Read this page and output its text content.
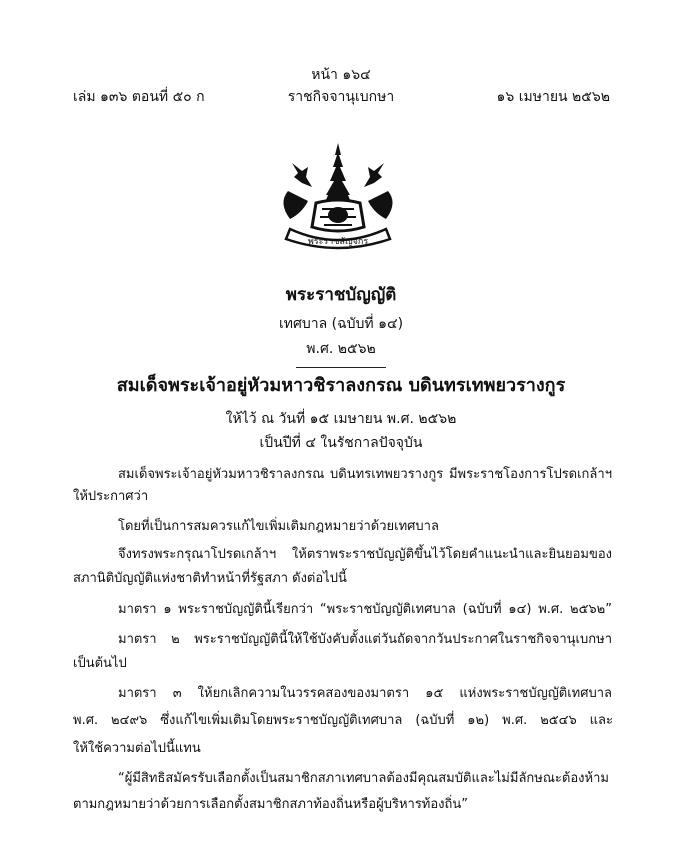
หน้า ๑๖๔
เล่ม ๑๓๖ ตอนที่ ๕๐ ก	ราชกิจจานุเบกษา	๑๖ เมษายน ๒๕๖๒
พระราชลัญจกร
พระราชบัญญัติ
เทศบาล (ฉบับที่ ๑๔)
พ.ศ. ๒๕๖๒
สมเด็จพระเจ้าอยู่หัวมหาวชิราลงกรณ บดินทรเทพยวรางกูร
ให้ไว้ ณ วันที่ ๑๕ เมษายน พ.ศ. ๒๕๖๒
เป็นปีที่ ๔ ในรัชกาลปัจจุบัน
สมเด็จพระเจ้าอยู่หัวมหาวชิราลงกรณ บดินทรเทพยวรางกูร มีพระราชโองการโปรดเกล้าฯ
ให้ประกาศว่า
โดยที่เป็นการสมควรแก้ไขเพิ่มเติมกฎหมายว่าด้วยเทศบาล
จึงทรงพระกรุณาโปรดเกล้าฯ ให้ตราพระราชบัญญัติขึ้นไว้โดยคำแนะนำและยินยอมของ
สภานิติบัญญัติแห่งชาติทำหน้าที่รัฐสภา ดังต่อไปนี้
มาตรา ๑ พระราชบัญญัตินี้เรียกว่า “พระราชบัญญัติเทศบาล (ฉบับที่ ๑๔) พ.ศ. ๒๕๖๒”
มาตรา ๒ พระราชบัญญัตินี้ให้ใช้บังคับตั้งแต่วันถัดจากวันประกาศในราชกิจจานุเบกษา
เป็นต้นไป
มาตรา ๓ ให้ยกเลิกความในวรรคสองของมาตรา ๑๕ แห่งพระราชบัญญัติเทศบาล
พ.ศ. ๒๔๙๖ ซึ่งแก้ไขเพิ่มเติมโดยพระราชบัญญัติเทศบาล (ฉบับที่ ๑๒) พ.ศ. ๒๕๔๖ และ
ให้ใช้ความต่อไปนี้แทน
“ผู้มีสิทธิสมัครรับเลือกตั้งเป็นสมาชิกสภาเทศบาลต้องมีคุณสมบัติและไม่มีลักษณะต้องห้าม
ตามกฎหมายว่าด้วยการเลือกตั้งสมาชิกสภาท้องถิ่นหรือผู้บริหารท้องถิ่น”
